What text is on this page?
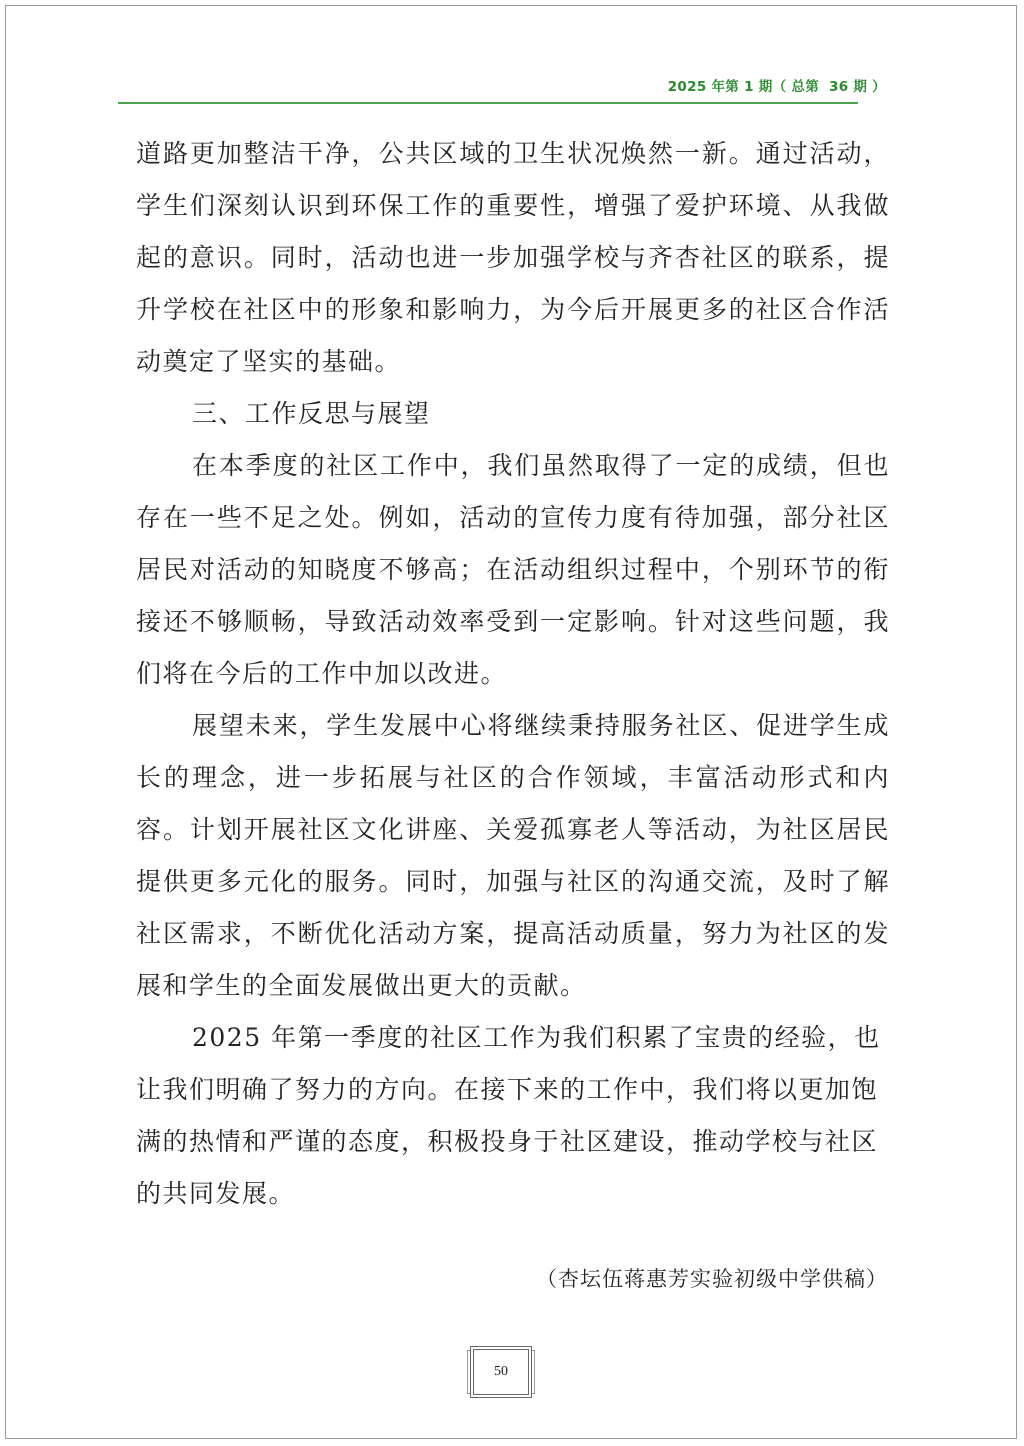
2025 年第 1 期（ 总第  36 期 ）

道路更加整洁干净，公共区域的卫生状况焕然一新。通过活动，学生们深刻认识到环保工作的重要性，增强了爱护环境、从我做起的意识。同时，活动也进一步加强学校与齐杏社区的联系，提升学校在社区中的形象和影响力，为今后开展更多的社区合作活动奠定了坚实的基础。

三、工作反思与展望

在本季度的社区工作中，我们虽然取得了一定的成绩，但也存在一些不足之处。例如，活动的宣传力度有待加强，部分社区居民对活动的知晓度不够高；在活动组织过程中，个别环节的衔接还不够顺畅，导致活动效率受到一定影响。针对这些问题，我们将在今后的工作中加以改进。

展望未来，学生发展中心将继续秉持服务社区、促进学生成长的理念，进一步拓展与社区的合作领域，丰富活动形式和内容。计划开展社区文化讲座、关爱孤寡老人等活动，为社区居民提供更多元化的服务。同时，加强与社区的沟通交流，及时了解社区需求，不断优化活动方案，提高活动质量，努力为社区的发展和学生的全面发展做出更大的贡献。

2025 年第一季度的社区工作为我们积累了宝贵的经验，也让我们明确了努力的方向。在接下来的工作中，我们将以更加饱满的热情和严谨的态度，积极投身于社区建设，推动学校与社区的共同发展。

（杏坛伍蒋惠芳实验初级中学供稿）
50
